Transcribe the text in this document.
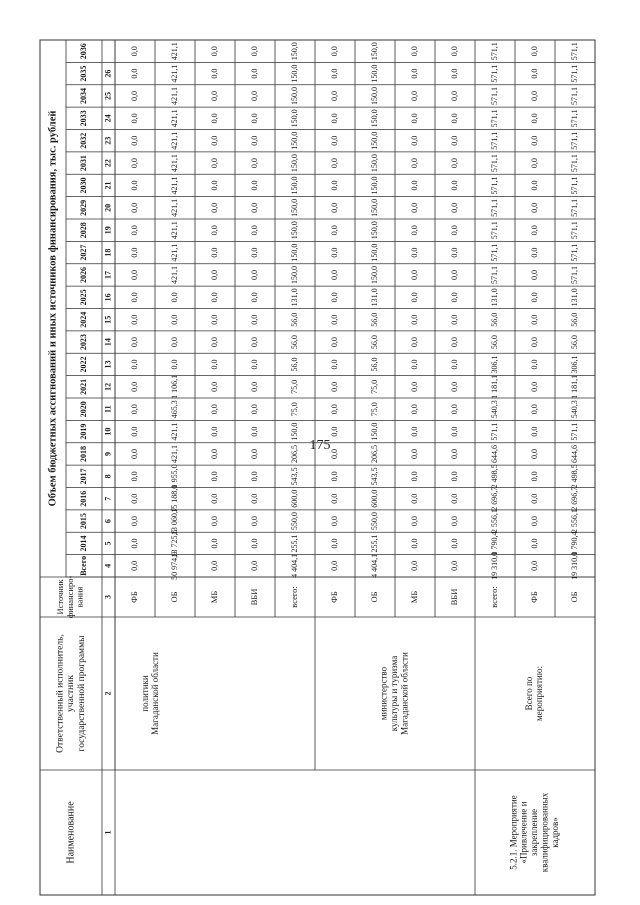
175
Наименование
Ответственный исполнитель, участник государственной программы
Источник финансиро- вания
Объем бюджетных ассигнований и иных источников финансирования, тыс. рублей
Всего
2014
2015
2016
2017
2018
2019
2020
2021
2022
2023
2024
2025
2026
2027
2028
2029
2030
2031
2032
2033
2034
2035
2036
1
2
3
4
5
6
7
8
9
10
11
12
13
14
15
16
17
18
19
20
21
22
23
24
25
26
ФБ
0,0
0,0
0,0
0,0
0,0
0,0
0,0
0,0
0,0
0,0
0,0
0,0
0,0
0,0
0,0
0,0
0,0
0,0
0,0
0,0
0,0
0,0
0,0
0,0
ОБ
50 974,9
13 725,5
13 060,7
15 188,0
1 955,0
421,1
421,1
465,3
1 106,1
0,0
0,0
0,0
0,0
421,1
421,1
421,1
421,1
421,1
421,1
421,1
421,1
421,1
421,1
421,1
МБ
0,0
0,0
0,0
0,0
0,0
0,0
0,0
0,0
0,0
0,0
0,0
0,0
0,0
0,0
0,0
0,0
0,0
0,0
0,0
0,0
0,0
0,0
0,0
0,0
ВБИ
0,0
0,0
0,0
0,0
0,0
0,0
0,0
0,0
0,0
0,0
0,0
0,0
0,0
0,0
0,0
0,0
0,0
0,0
0,0
0,0
0,0
0,0
0,0
0,0
всего:
4 404,1
255,1
550,0
600,0
543,5
206,5
150,0
75,0
75,0
56,0
56,0
56,0
131,0
150,0
150,0
150,0
150,0
150,0
150,0
150,0
150,0
150,0
150,0
150,0
ФБ
0,0
0,0
0,0
0,0
0,0
0,0
0,0
0,0
0,0
0,0
0,0
0,0
0,0
0,0
0,0
0,0
0,0
0,0
0,0
0,0
0,0
0,0
0,0
0,0
ОБ
4 404,1
255,1
550,0
600,0
543,5
206,5
150,0
75,0
75,0
56,0
56,0
56,0
131,0
150,0
150,0
150,0
150,0
150,0
150,0
150,0
150,0
150,0
150,0
150,0
МБ
0,0
0,0
0,0
0,0
0,0
0,0
0,0
0,0
0,0
0,0
0,0
0,0
0,0
0,0
0,0
0,0
0,0
0,0
0,0
0,0
0,0
0,0
0,0
0,0
ВБИ
0,0
0,0
0,0
0,0
0,0
0,0
0,0
0,0
0,0
0,0
0,0
0,0
0,0
0,0
0,0
0,0
0,0
0,0
0,0
0,0
0,0
0,0
0,0
0,0
всего:
19 310,0
1 790,4
2 556,1
2 696,7
2 498,5
644,6
571,1
540,3
1 181,1
306,1
56,0
56,0
131,0
571,1
571,1
571,1
571,1
571,1
571,1
571,1
571,1
571,1
571,1
571,1
ФБ
0,0
0,0
0,0
0,0
0,0
0,0
0,0
0,0
0,0
0,0
0,0
0,0
0,0
0,0
0,0
0,0
0,0
0,0
0,0
0,0
0,0
0,0
0,0
0,0
ОБ
19 310,0
1 790,4
2 556,1
2 696,7
2 498,5
644,6
571,1
540,3
1 181,1
306,1
56,0
56,0
131,0
571,1
571,1
571,1
571,1
571,1
571,1
571,1
571,1
571,1
571,1
571,1
политики Магаданской области	министерство культуры и туризма Магаданской области	Всего по мероприятию:
5.2.1. Мероприятие «Привлечение и закрепление квалифицированных кадров»
